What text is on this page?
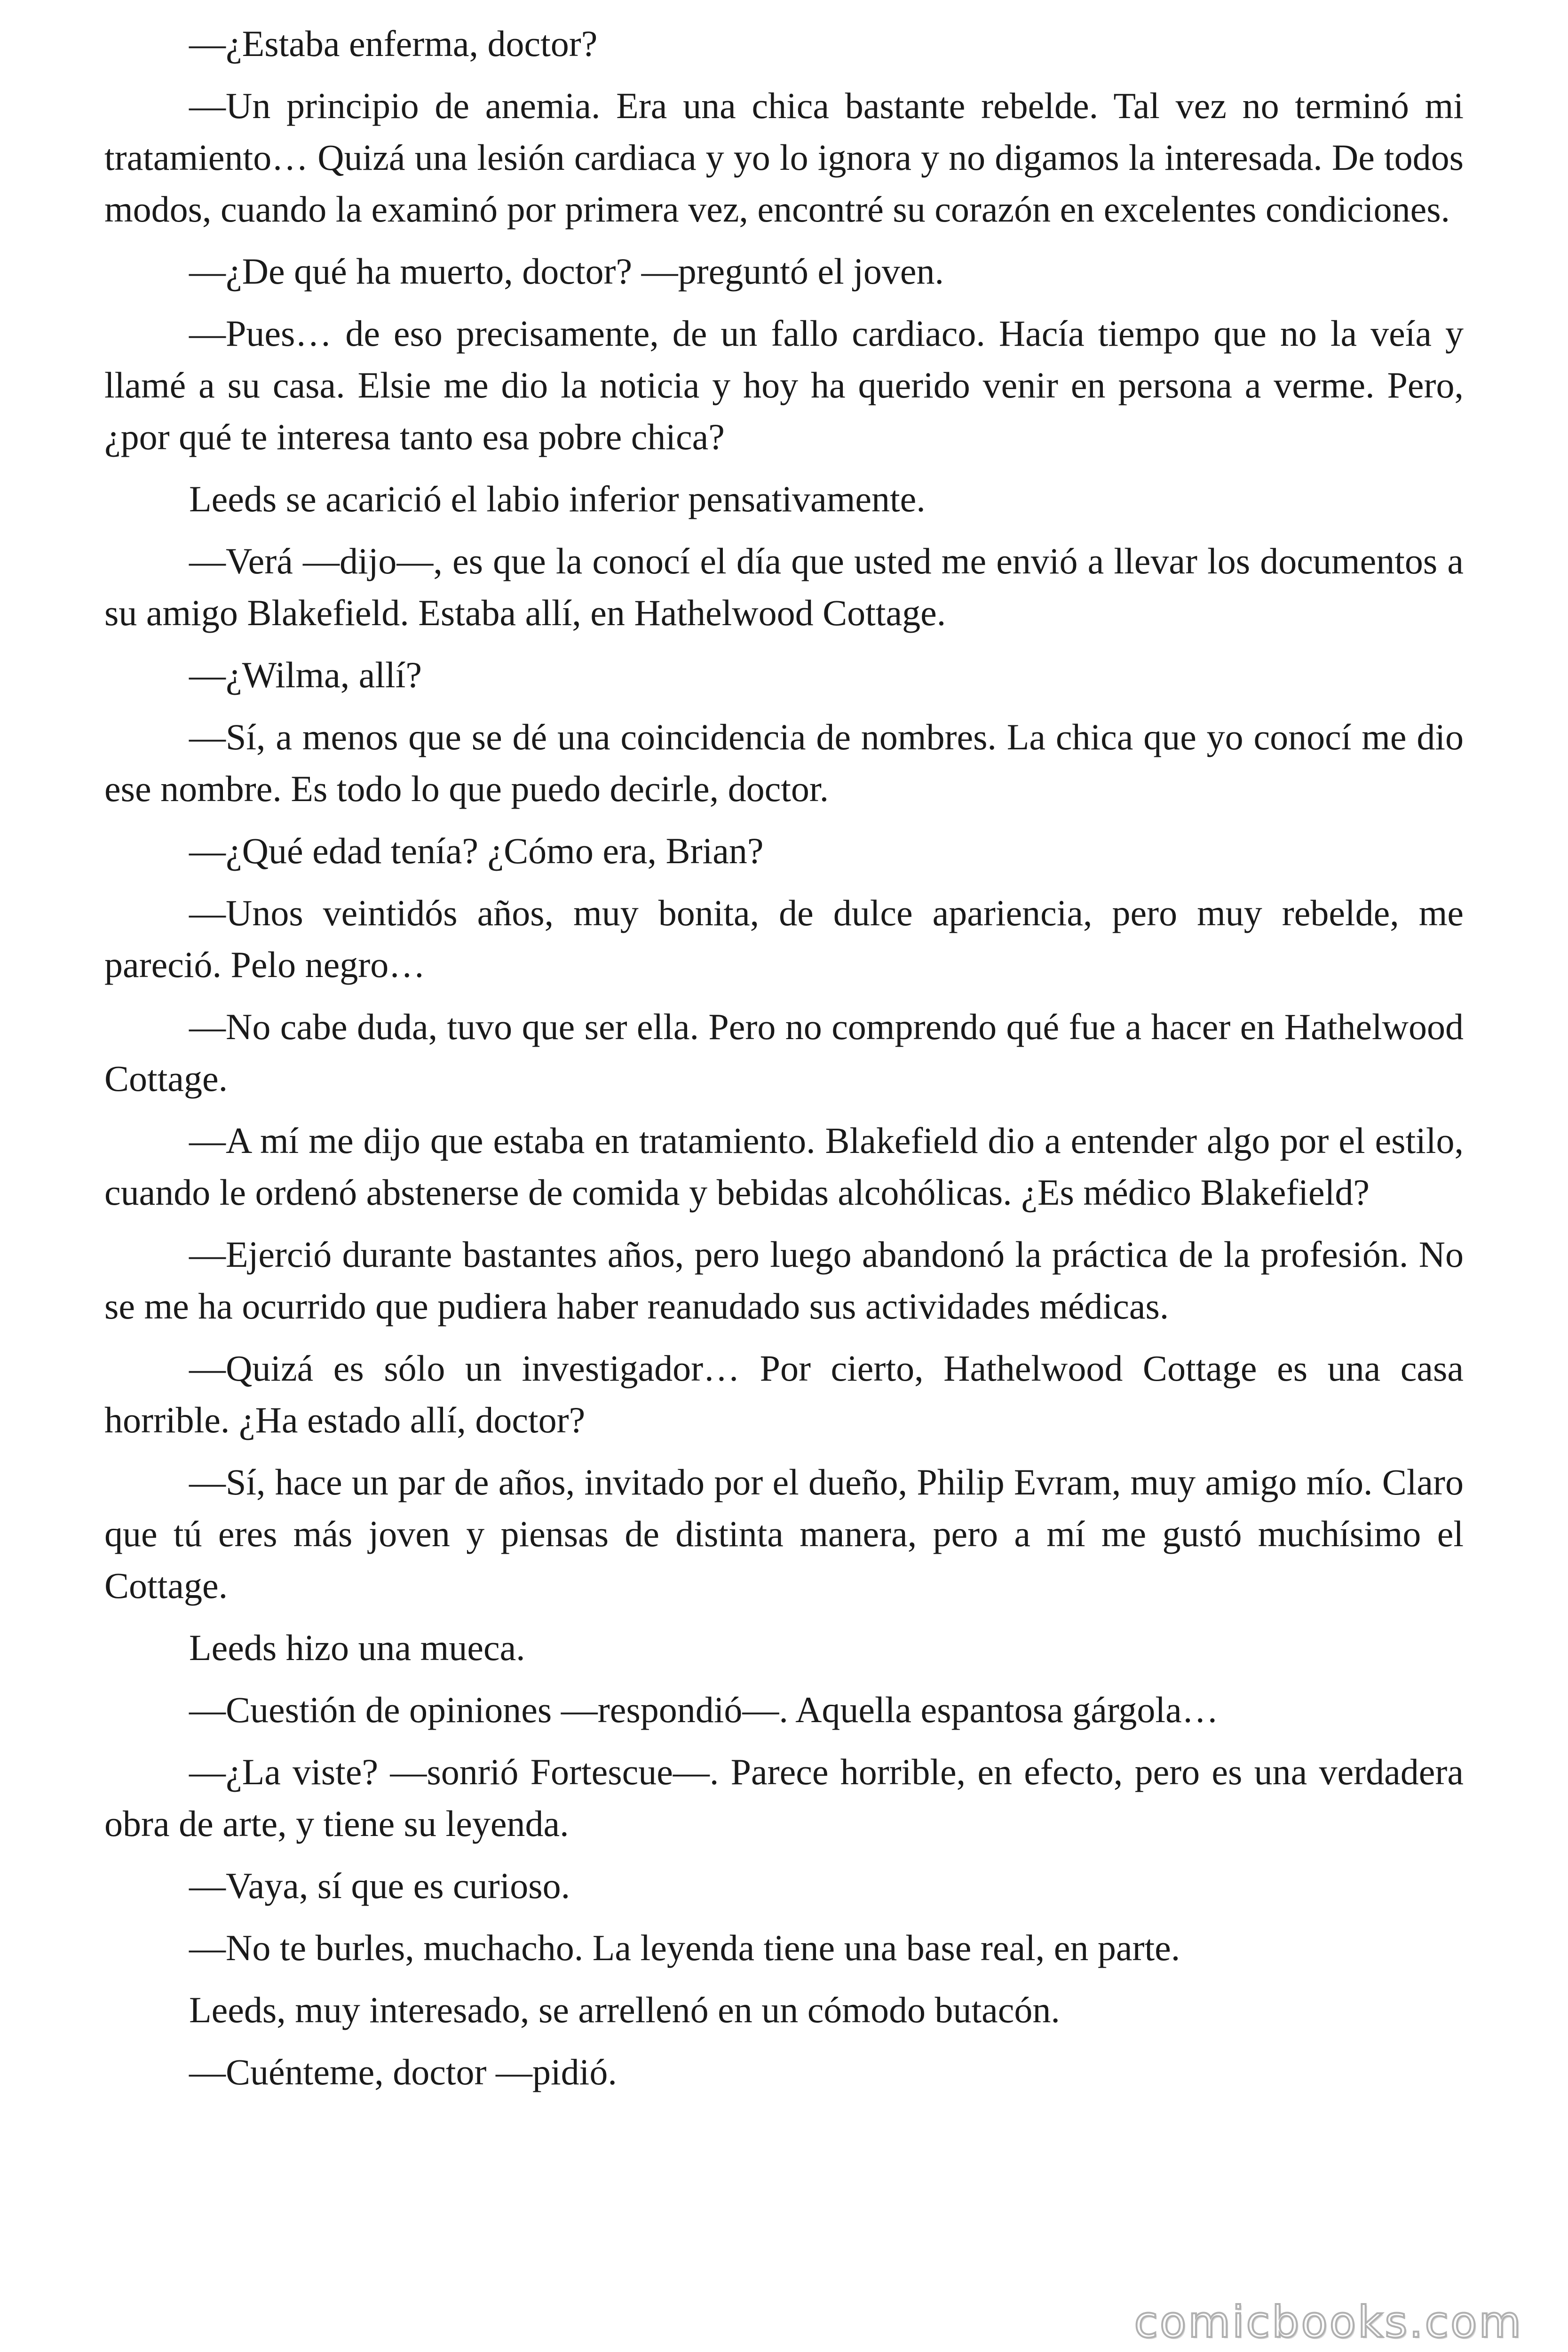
—¿Estaba enferma, doctor?

—Un principio de anemia. Era una chica bastante rebelde. Tal vez no terminó mi tratamiento… Quizá una lesión cardiaca y yo lo ignora y no digamos la interesada. De todos modos, cuando la examinó por primera vez, encontré su corazón en excelentes condiciones.

—¿De qué ha muerto, doctor? —preguntó el joven.

—Pues… de eso precisamente, de un fallo cardiaco. Hacía tiempo que no la veía y llamé a su casa. Elsie me dio la noticia y hoy ha querido venir en persona a verme. Pero, ¿por qué te interesa tanto esa pobre chica?

Leeds se acarició el labio inferior pensativamente.

—Verá —dijo—, es que la conocí el día que usted me envió a llevar los documentos a su amigo Blakefield. Estaba allí, en Hathelwood Cottage.

—¿Wilma, allí?

—Sí, a menos que se dé una coincidencia de nombres. La chica que yo conocí me dio ese nombre. Es todo lo que puedo decirle, doctor.

—¿Qué edad tenía? ¿Cómo era, Brian?

—Unos veintidós años, muy bonita, de dulce apariencia, pero muy rebelde, me pareció. Pelo negro…

—No cabe duda, tuvo que ser ella. Pero no comprendo qué fue a hacer en Hathelwood Cottage.

—A mí me dijo que estaba en tratamiento. Blakefield dio a entender algo por el estilo, cuando le ordenó abstenerse de comida y bebidas alcohólicas. ¿Es médico Blakefield?

—Ejerció durante bastantes años, pero luego abandonó la práctica de la profesión. No se me ha ocurrido que pudiera haber reanudado sus actividades médicas.

—Quizá es sólo un investigador… Por cierto, Hathelwood Cottage es una casa horrible. ¿Ha estado allí, doctor?

—Sí, hace un par de años, invitado por el dueño, Philip Evram, muy amigo mío. Claro que tú eres más joven y piensas de distinta manera, pero a mí me gustó muchísimo el Cottage.

Leeds hizo una mueca.

—Cuestión de opiniones —respondió—. Aquella espantosa gárgola…

—¿La viste? —sonrió Fortescue—. Parece horrible, en efecto, pero es una verdadera obra de arte, y tiene su leyenda.

—Vaya, sí que es curioso.

—No te burles, muchacho. La leyenda tiene una base real, en parte.

Leeds, muy interesado, se arrellenó en un cómodo butacón.

—Cuénteme, doctor —pidió.

comicbooks.com
